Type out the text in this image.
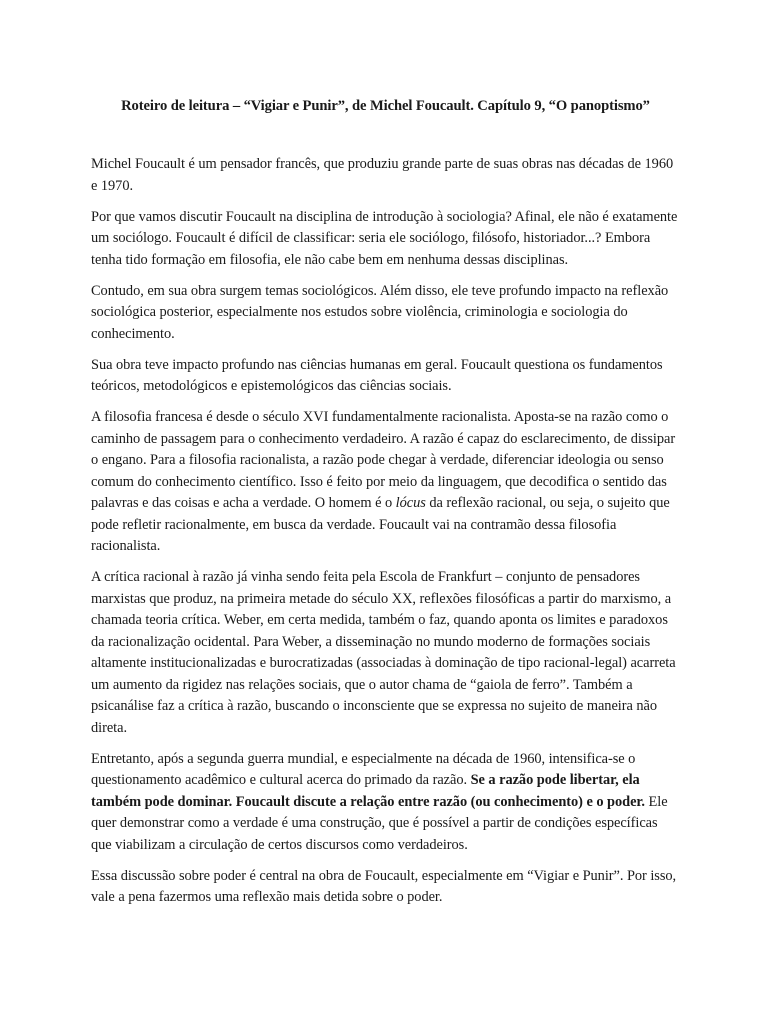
Roteiro de leitura – “Vigiar e Punir”, de Michel Foucault. Capítulo 9, “O panoptismo”

Michel Foucault é um pensador francês, que produziu grande parte de suas obras nas décadas de 1960 e 1970.

Por que vamos discutir Foucault na disciplina de introdução à sociologia? Afinal, ele não é exatamente um sociólogo. Foucault é difícil de classificar: seria ele sociólogo, filósofo, historiador...? Embora tenha tido formação em filosofia, ele não cabe bem em nenhuma dessas disciplinas.

Contudo, em sua obra surgem temas sociológicos. Além disso, ele teve profundo impacto na reflexão sociológica posterior, especialmente nos estudos sobre violência, criminologia e sociologia do conhecimento.

Sua obra teve impacto profundo nas ciências humanas em geral. Foucault questiona os fundamentos teóricos, metodológicos e epistemológicos das ciências sociais.

A filosofia francesa é desde o século XVI fundamentalmente racionalista. Aposta-se na razão como o caminho de passagem para o conhecimento verdadeiro. A razão é capaz do esclarecimento, de dissipar o engano. Para a filosofia racionalista, a razão pode chegar à verdade, diferenciar ideologia ou senso comum do conhecimento científico. Isso é feito por meio da linguagem, que decodifica o sentido das palavras e das coisas e acha a verdade. O homem é o lócus da reflexão racional, ou seja, o sujeito que pode refletir racionalmente, em busca da verdade. Foucault vai na contramão dessa filosofia racionalista.

A crítica racional à razão já vinha sendo feita pela Escola de Frankfurt – conjunto de pensadores marxistas que produz, na primeira metade do século XX, reflexões filosóficas a partir do marxismo, a chamada teoria crítica. Weber, em certa medida, também o faz, quando aponta os limites e paradoxos da racionalização ocidental. Para Weber, a disseminação no mundo moderno de formações sociais altamente institucionalizadas e burocratizadas (associadas à dominação de tipo racional-legal) acarreta um aumento da rigidez nas relações sociais, que o autor chama de “gaiola de ferro”. Também a psicanálise faz a crítica à razão, buscando o inconsciente que se expressa no sujeito de maneira não direta.

Entretanto, após a segunda guerra mundial, e especialmente na década de 1960, intensifica-se o questionamento acadêmico e cultural acerca do primado da razão. Se a razão pode libertar, ela também pode dominar. Foucault discute a relação entre razão (ou conhecimento) e o poder. Ele quer demonstrar como a verdade é uma construção, que é possível a partir de condições específicas que viabilizam a circulação de certos discursos como verdadeiros.

Essa discussão sobre poder é central na obra de Foucault, especialmente em “Vigiar e Punir”. Por isso, vale a pena fazermos uma reflexão mais detida sobre o poder.
